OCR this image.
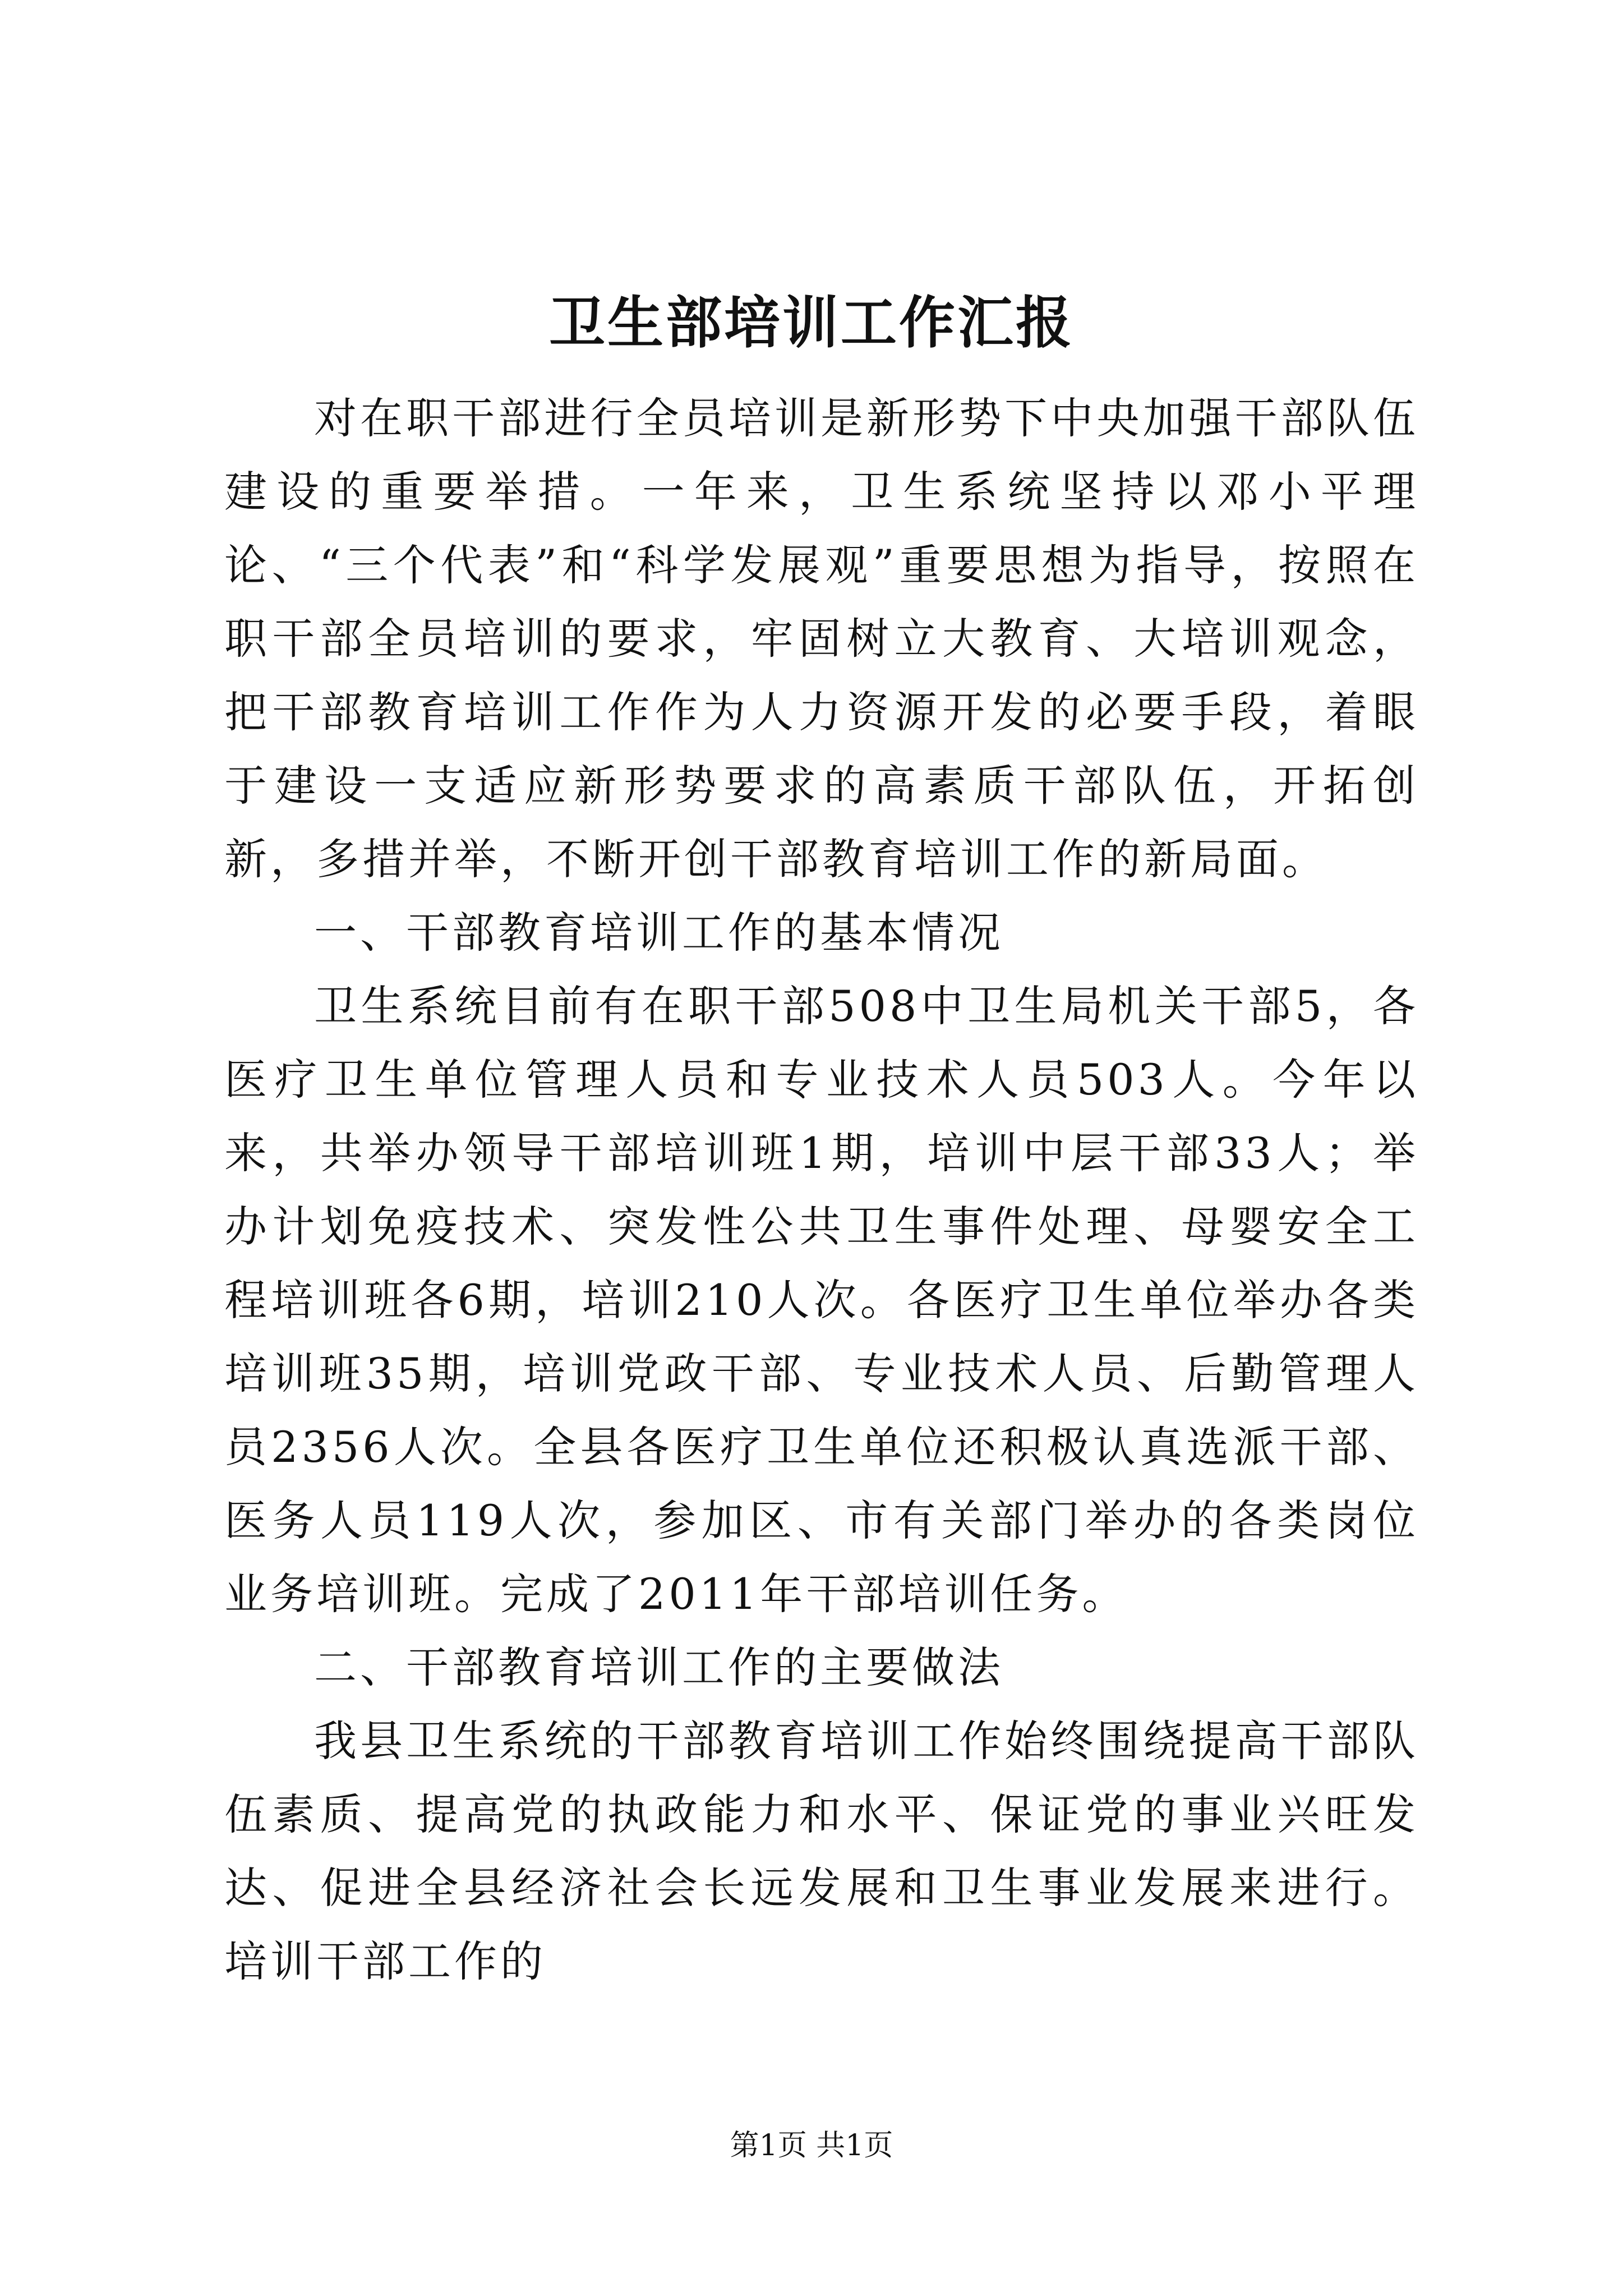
卫生部培训工作汇报

对在职干部进行全员培训是新形势下中央加强干部队伍建设的重要举措。一年来，卫生系统坚持以邓小平理论、“三个代表”和“科学发展观”重要思想为指导，按照在职干部全员培训的要求，牢固树立大教育、大培训观念，把干部教育培训工作作为人力资源开发的必要手段，着眼于建设一支适应新形势要求的高素质干部队伍，开拓创新，多措并举，不断开创干部教育培训工作的新局面。

一、干部教育培训工作的基本情况

卫生系统目前有在职干部508中卫生局机关干部5，各医疗卫生单位管理人员和专业技术人员503人。今年以来，共举办领导干部培训班1期，培训中层干部33人；举办计划免疫技术、突发性公共卫生事件处理、母婴安全工程培训班各6期，培训210人次。各医疗卫生单位举办各类培训班35期，培训党政干部、专业技术人员、后勤管理人员2356人次。全县各医疗卫生单位还积极认真选派干部、医务人员119人次，参加区、市有关部门举办的各类岗位业务培训班。完成了2011年干部培训任务。

二、干部教育培训工作的主要做法

我县卫生系统的干部教育培训工作始终围绕提高干部队伍素质、提高党的执政能力和水平、保证党的事业兴旺发达、促进全县经济社会长远发展和卫生事业发展来进行。培训干部工作的

第1页 共1页
